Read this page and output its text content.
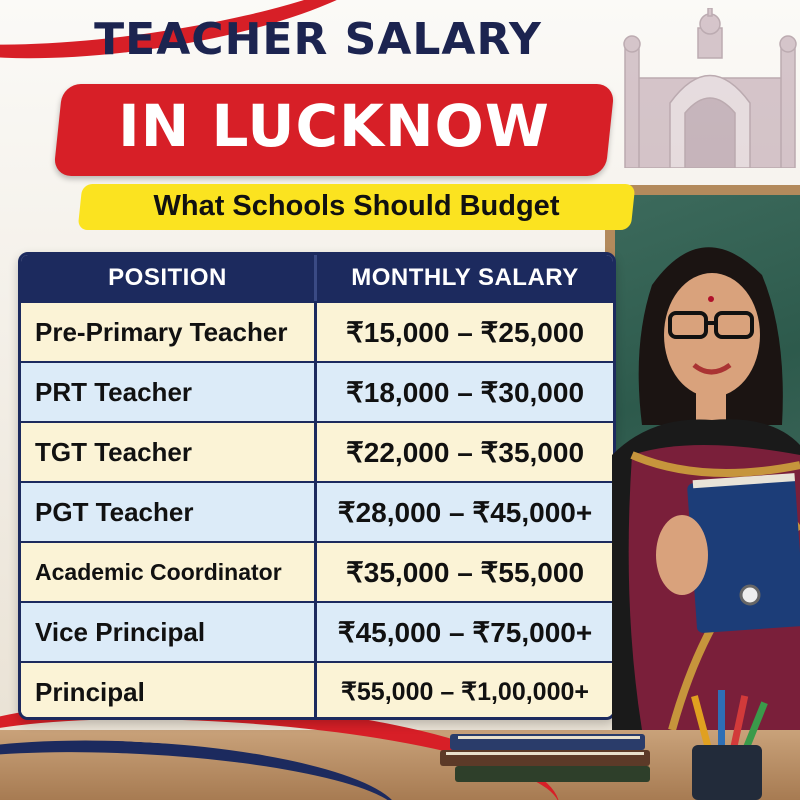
TEACHER SALARY
IN LUCKNOW
What Schools Should Budget
POSITION	MONTHLY SALARY
Pre-Primary Teacher	₹15,000 – ₹25,000
PRT Teacher	₹18,000 – ₹30,000
TGT Teacher	₹22,000 – ₹35,000
PGT Teacher	₹28,000 – ₹45,000+
Academic Coordinator	₹35,000 – ₹55,000
Vice Principal	₹45,000 – ₹75,000+
Principal	₹55,000 – ₹1,00,000+
